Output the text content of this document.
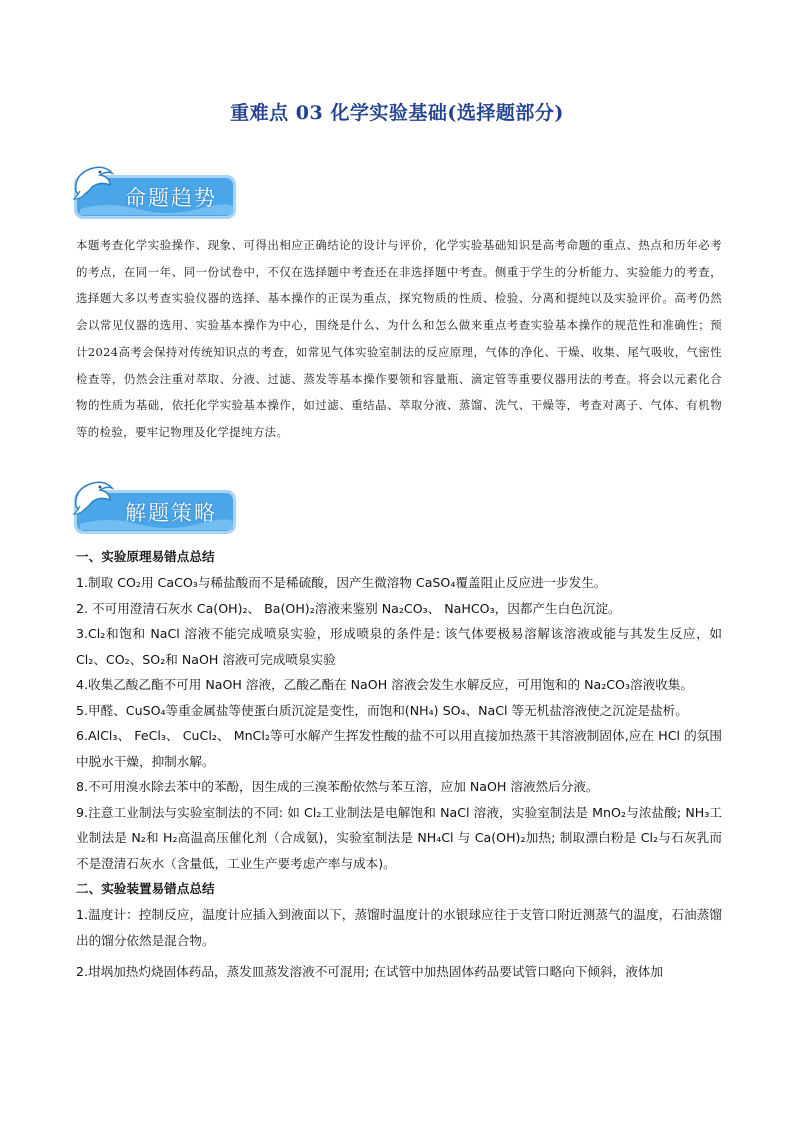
重难点 03 化学实验基础(选择题部分)
命题趋势
本题考查化学实验操作、现象、可得出相应正确结论的设计与评价，化学实验基础知识是高考命题的重点、热点和历年必考的考点，在同一年、同一份试卷中，不仅在选择题中考查还在非选择题中考查。侧重于学生的分析能力、实验能力的考查，选择题大多以考查实验仪器的选择、基本操作的正误为重点，探究物质的性质、检验、分离和提纯以及实验评价。高考仍然会以常见仪器的选用、实验基本操作为中心，围绕是什么、为什么和怎么做来重点考查实验基本操作的规范性和准确性；预计2024高考会保持对传统知识点的考查，如常见气体实验室制法的反应原理，气体的净化、干燥、收集、尾气吸收，气密性检查等，仍然会注重对萃取、分液、过滤、蒸发等基本操作要领和容量瓶、滴定管等重要仪器用法的考查。将会以元素化合物的性质为基础，依托化学实验基本操作，如过滤、重结晶、萃取分液、蒸馏、洗气、干燥等，考查对离子、气体、有机物等的检验，要牢记物理及化学提纯方法。
解题策略
一、实验原理易错点总结

1.制取 CO₂用 CaCO₃与稀盐酸而不是稀硫酸，因产生微溶物 CaSO₄覆盖阻止反应进一步发生。

2. 不可用澄清石灰水 Ca(OH)₂、 Ba(OH)₂溶液来鉴别 Na₂CO₃、 NaHCO₃，因都产生白色沉淀。

3.Cl₂和饱和 NaCl 溶液不能完成喷泉实验，形成喷泉的条件是: 该气体要极易溶解该溶液或能与其发生反应，如 Cl₂、CO₂、SO₂和 NaOH 溶液可完成喷泉实验

4.收集乙酸乙酯不可用 NaOH 溶液，乙酸乙酯在 NaOH 溶液会发生水解反应，可用饱和的 Na₂CO₃溶液收集。

5.甲醛、CuSO₄等重金属盐等使蛋白质沉淀是变性，而饱和(NH₄) SO₄、NaCl 等无机盐溶液使之沉淀是盐析。

6.AlCl₃、 FeCl₃、 CuCl₂、 MnCl₂等可水解产生挥发性酸的盐不可以用直接加热蒸干其溶液制固体,应在 HCl 的氛围中脱水干燥，抑制水解。

8.不可用溴水除去苯中的苯酚，因生成的三溴苯酚依然与苯互溶，应加 NaOH 溶液然后分液。

9.注意工业制法与实验室制法的不同: 如 Cl₂工业制法是电解饱和 NaCl 溶液，实验室制法是 MnO₂与浓盐酸; NH₃工业制法是 N₂和 H₂高温高压催化剂（合成氨)，实验室制法是 NH₄Cl 与 Ca(OH)₂加热; 制取漂白粉是 Cl₂与石灰乳而不是澄清石灰水（含量低，工业生产要考虑产率与成本)。

二、实验装置易错点总结

1.温度计：控制反应，温度计应插入到液面以下，蒸馏时温度计的水银球应往于支管口附近测蒸气的温度，石油蒸馏出的馏分依然是混合物。

2.坩埚加热灼烧固体药品，蒸发皿蒸发溶液不可混用; 在试管中加热固体药品要试管口略向下倾斜，液体加
